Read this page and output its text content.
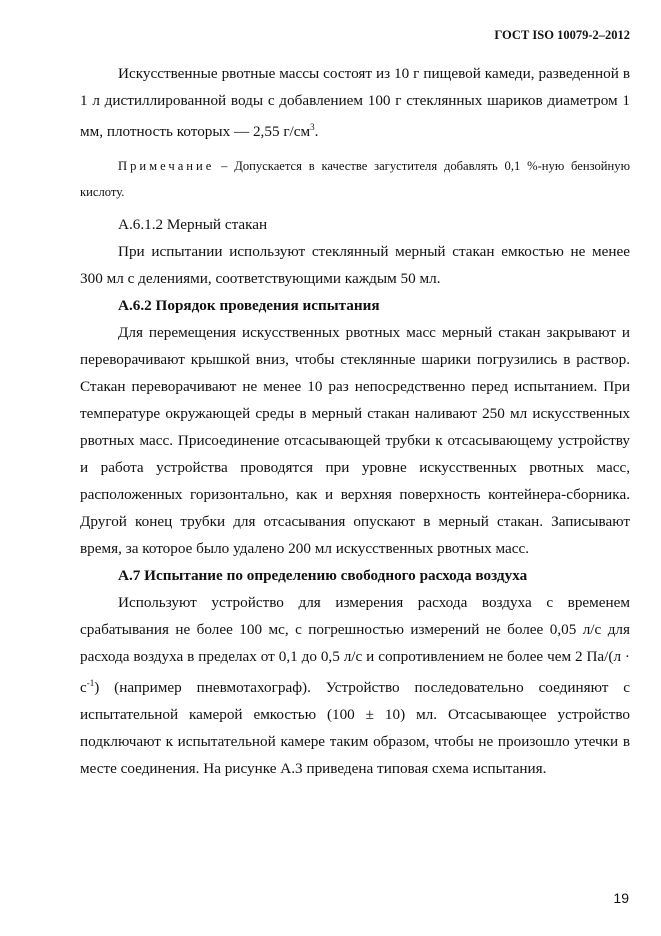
ГОСТ ISO 10079-2–2012

Искусственные рвотные массы состоят из 10 г пищевой камеди, разведенной в 1 л дистиллированной воды с добавлением 100 г стеклянных шариков диаметром 1 мм, плотность которых — 2,55 $г/см^3$.

Примечание – Допускается в качестве загустителя добавлять 0,1 %-ную бензойную кислоту.

А.6.1.2 Мерный стакан

При испытании используют стеклянный мерный стакан емкостью не менее 300 мл с делениями, соответствующими каждым 50 мл.

А.6.2 Порядок проведения испытания

Для перемещения искусственных рвотных масс мерный стакан закрывают и переворачивают крышкой вниз, чтобы стеклянные шарики погрузились в раствор. Стакан переворачивают не менее 10 раз непосредственно перед испытанием. При температуре окружающей среды в мерный стакан наливают 250 мл искусственных рвотных масс. Присоединение отсасывающей трубки к отсасывающему устройству и работа устройства проводятся при уровне искусственных рвотных масс, расположенных горизонтально, как и верхняя поверхность контейнера-сборника. Другой конец трубки для отсасывания опускают в мерный стакан. Записывают время, за которое было удалено 200 мл искусственных рвотных масс.

А.7 Испытание по определению свободного расхода воздуха

Используют устройство для измерения расхода воздуха с временем срабатывания не более 100 мс, с погрешностью измерений не более 0,05 л/с для расхода воздуха в пределах от 0,1 до 0,5 л/с и сопротивлением не более чем 2 $Па/(л \cdot с^{-1})$ (например пневмотахограф). Устройство последовательно соединяют с испытательной камерой емкостью (100 ± 10) мл. Отсасывающее устройство подключают к испытательной камере таким образом, чтобы не произошло утечки в месте соединения. На рисунке А.3 приведена типовая схема испытания.

19
